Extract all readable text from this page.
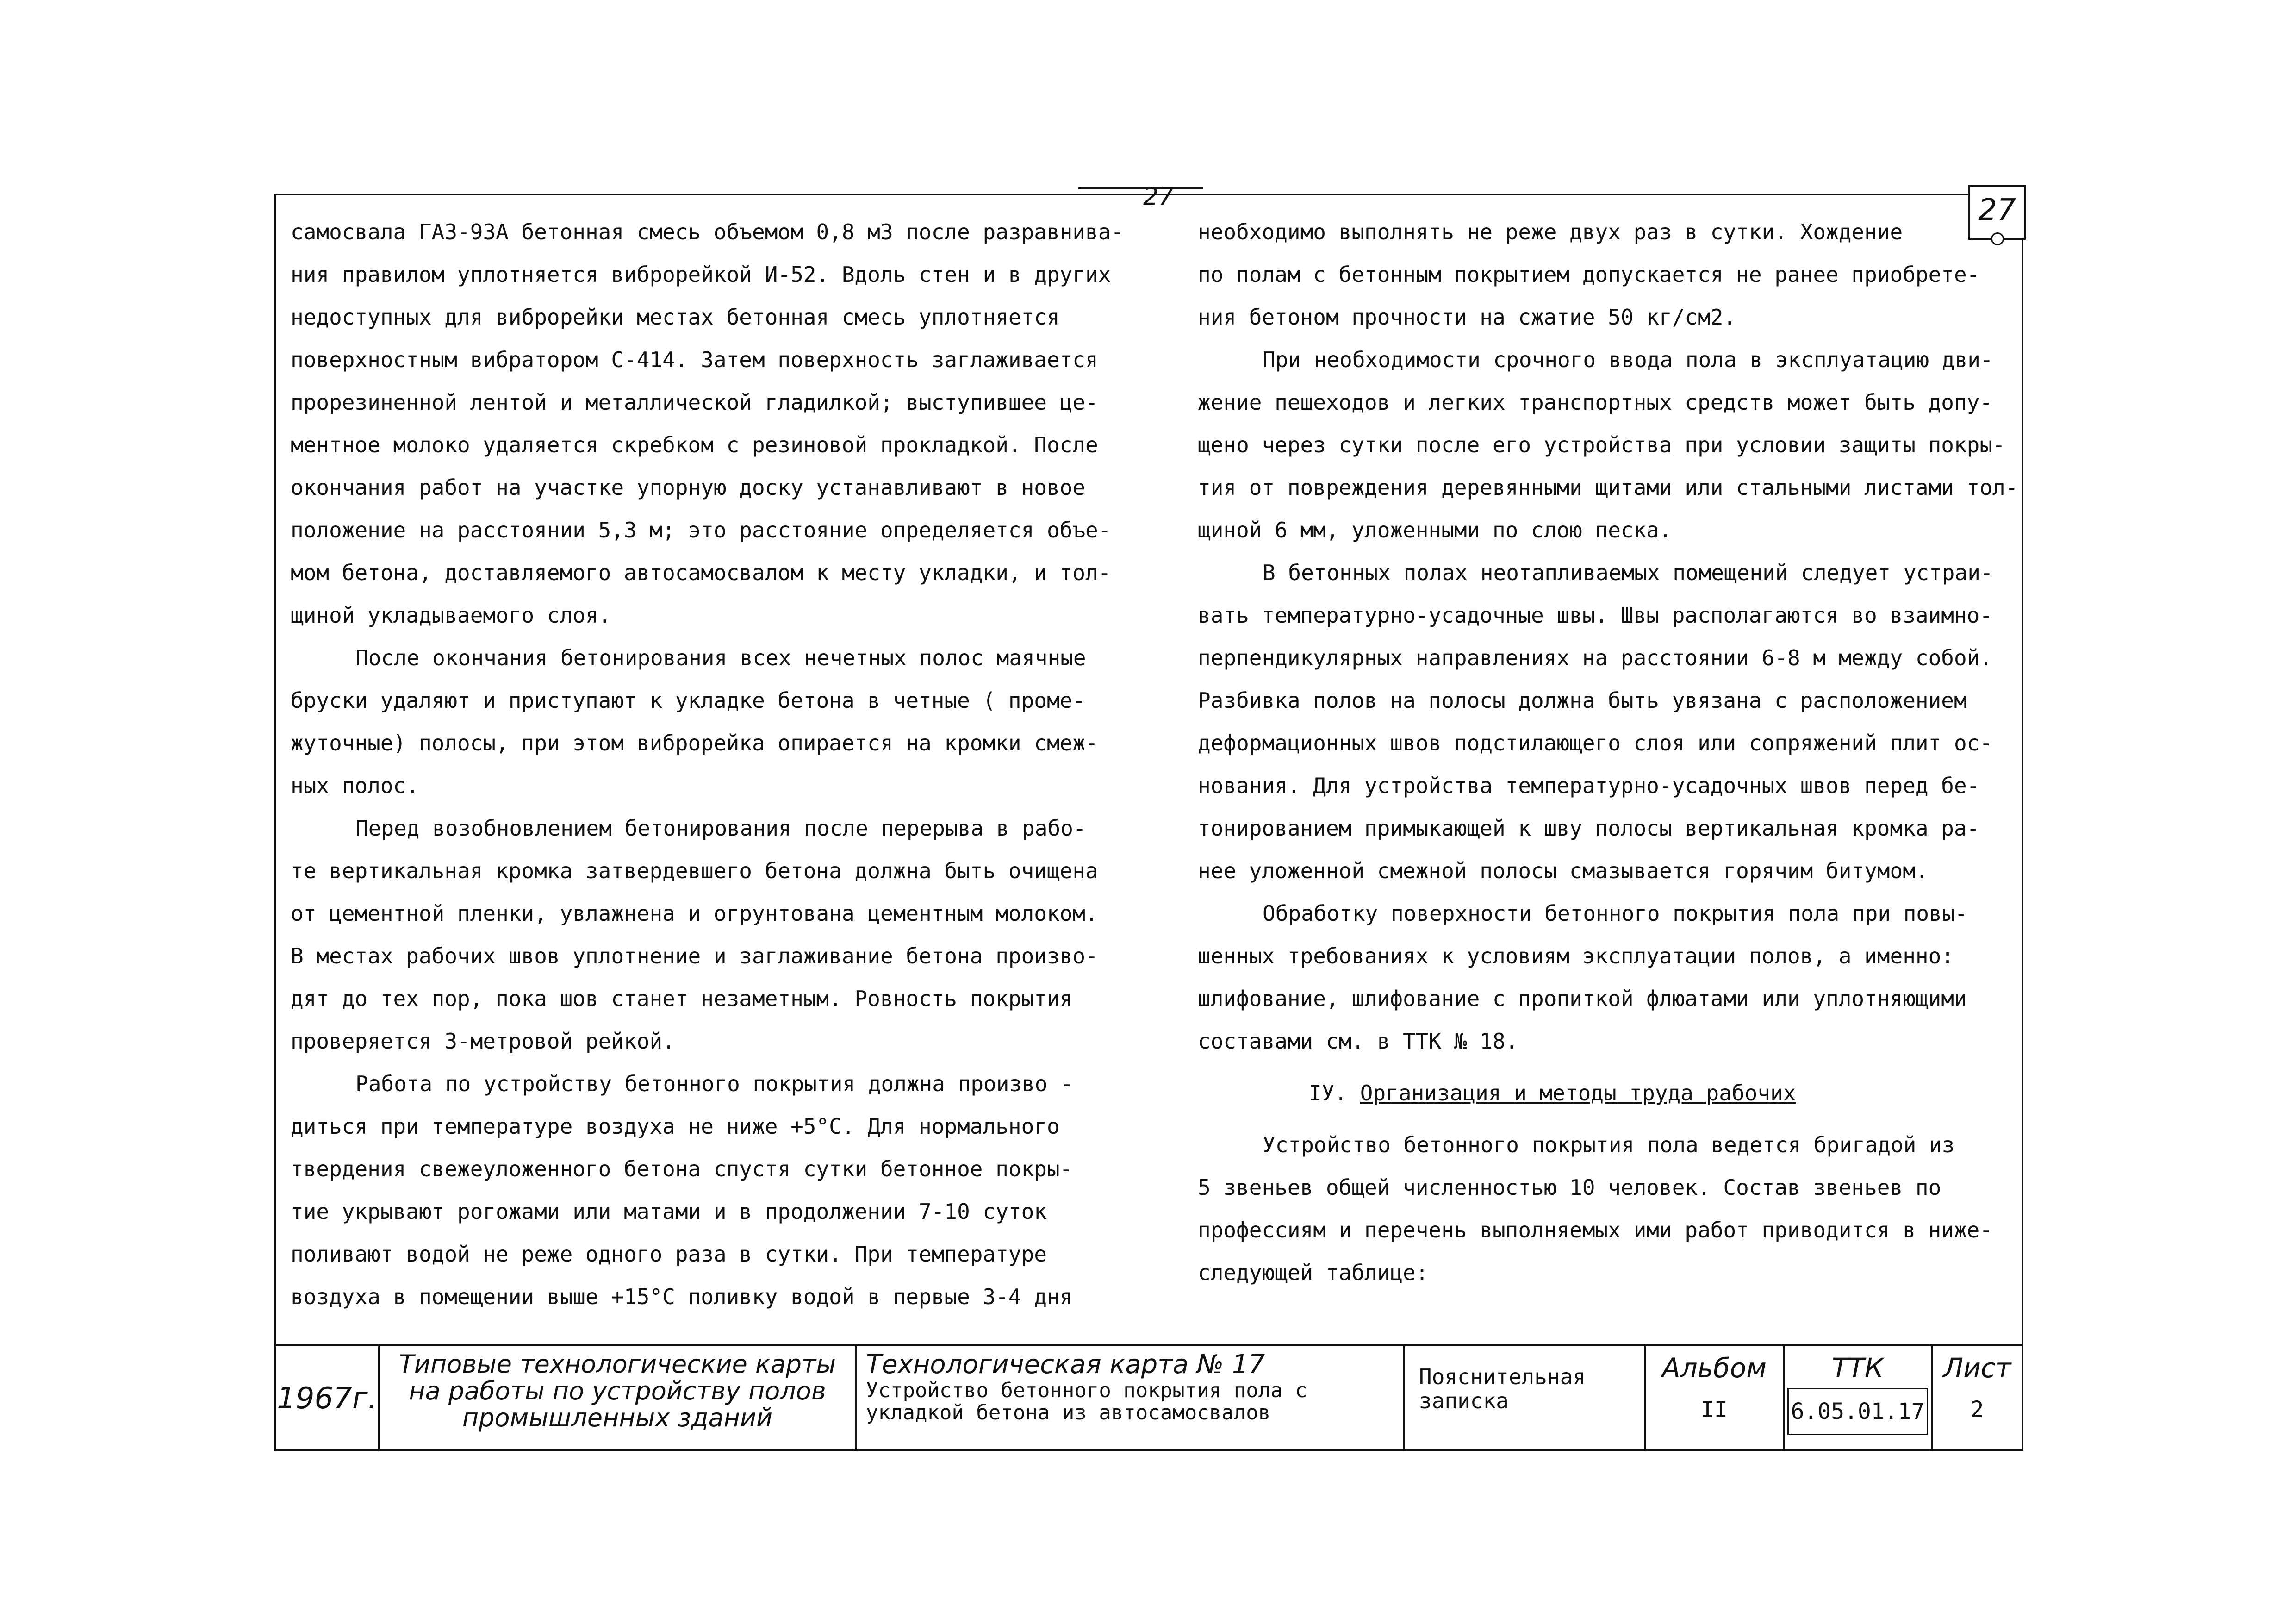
27	27
самосвала ГАЗ-93А бетонная смесь объемом 0,8 м3 после разравнива-
ния правилом уплотняется виброрейкой И-52. Вдоль стен и в других
недоступных для виброрейки местах бетонная смесь уплотняется
поверхностным вибратором С-414. Затем поверхность заглаживается
прорезиненной лентой и металлической гладилкой; выступившее це-
ментное молоко удаляется скребком с резиновой прокладкой. После
окончания работ на участке упорную доску устанавливают в новое
положение на расстоянии 5,3 м; это расстояние определяется объе-
мом бетона, доставляемого автосамосвалом к месту укладки, и тол-
щиной укладываемого слоя.
После окончания бетонирования всех нечетных полос маячные
бруски удаляют и приступают к укладке бетона в четные ( проме-
жуточные) полосы, при этом виброрейка опирается на кромки смеж-
ных полос.
Перед возобновлением бетонирования после перерыва в рабо-
те вертикальная кромка затвердевшего бетона должна быть очищена
от цементной пленки, увлажнена и огрунтована цементным молоком.
В местах рабочих швов уплотнение и заглаживание бетона произво-
дят до тех пор, пока шов станет незаметным. Ровность покрытия
проверяется 3-метровой рейкой.
Работа по устройству бетонного покрытия должна произво -
диться при температуре воздуха не ниже +5°С. Для нормального
твердения свежеуложенного бетона спустя сутки бетонное покры-
тие укрывают рогожами или матами и в продолжении 7-10 суток
поливают водой не реже одного раза в сутки. При температуре
воздуха в помещении выше +15°С поливку водой в первые 3-4 дня
необходимо выполнять не реже двух раз в сутки. Хождение
по полам с бетонным покрытием допускается не ранее приобрете-
ния бетоном прочности на сжатие 50 кг/см2.
При необходимости срочного ввода пола в эксплуатацию дви-
жение пешеходов и легких транспортных средств может быть допу-
щено через сутки после его устройства при условии защиты покры-
тия от повреждения деревянными щитами или стальными листами тол-
щиной 6 мм, уложенными по слою песка.
В бетонных полах неотапливаемых помещений следует устраи-
вать температурно-усадочные швы. Швы располагаются во взаимно-
перпендикулярных направлениях на расстоянии 6-8 м между собой.
Разбивка полов на полосы должна быть увязана с расположением
деформационных швов подстилающего слоя или сопряжений плит ос-
нования. Для устройства температурно-усадочных швов перед бе-
тонированием примыкающей к шву полосы вертикальная кромка ра-
нее уложенной смежной полосы смазывается горячим битумом.
Обработку поверхности бетонного покрытия пола при повы-
шенных требованиях к условиям эксплуатации полов, а именно:
шлифование, шлифование с пропиткой флюатами или уплотняющими
составами см. в ТТК № 18.
IУ. Организация и методы труда рабочих
Устройство бетонного покрытия пола ведется бригадой из
5 звеньев общей численностью 10 человек. Состав звеньев по
профессиям и перечень выполняемых ими работ приводится в ниже-
следующей таблице:
1967г.
Типовые технологические карты
на работы по устройству полов
промышленных зданий
Технологическая карта № 17
Устройство бетонного покрытия пола с укладкой бетона из автосамосвалов
Пояснительная записка
Альбом
II
ТТК
6.05.01.17
Лист
2
